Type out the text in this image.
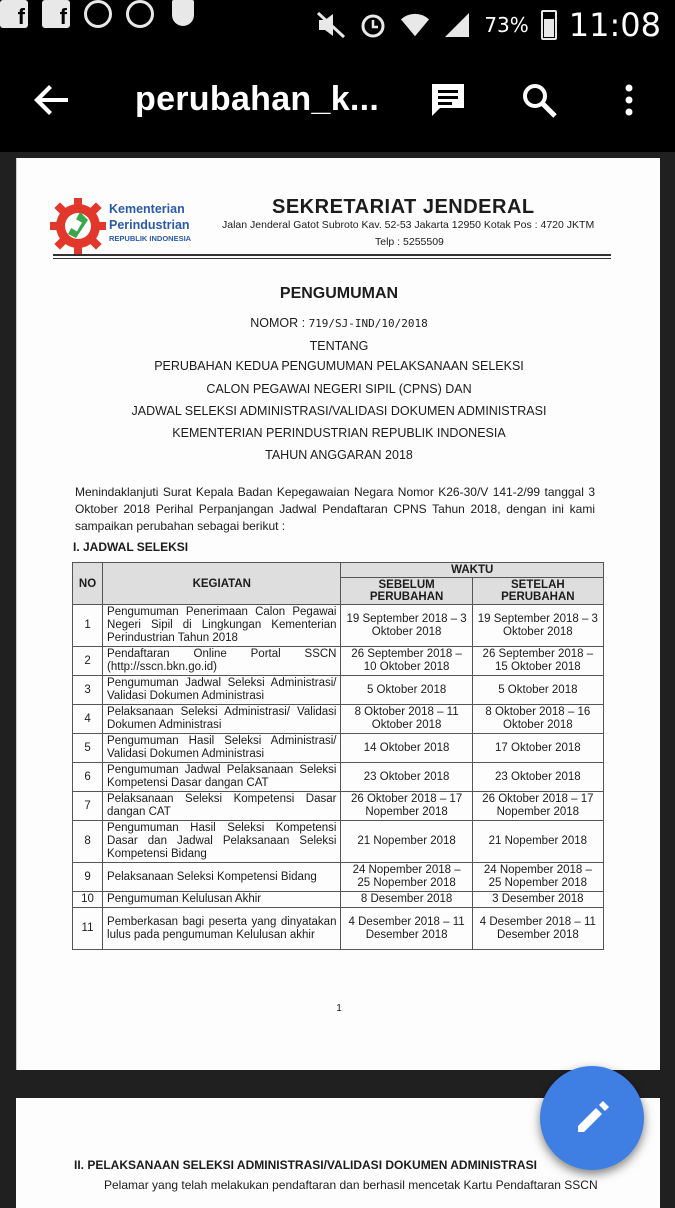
f	f	73% 11:08
perubahan_k...
Kementerian
Perindustrian
REPUBLIK INDONESIA
SEKRETARIAT JENDERAL
Jalan Jenderal Gatot Subroto Kav. 52-53 Jakarta 12950 Kotak Pos : 4720 JKTM
Telp : 5255509
PENGUMUMAN
NOMOR : 719/SJ-IND/10/2018
TENTANG
PERUBAHAN KEDUA PENGUMUMAN PELAKSANAAN SELEKSI
CALON PEGAWAI NEGERI SIPIL (CPNS) DAN
JADWAL SELEKSI ADMINISTRASI/VALIDASI DOKUMEN ADMINISTRASI
KEMENTERIAN PERINDUSTRIAN REPUBLIK INDONESIA
TAHUN ANGGARAN 2018
Menindaklanjuti Surat Kepala Badan Kepegawaian Negara Nomor K26-30/V 141-2/99 tanggal 3 Oktober 2018 Perihal Perpanjangan Jadwal Pendaftaran CPNS Tahun 2018, dengan ini kami sampaikan perubahan sebagai berikut :
I. JADWAL SELEKSI
NO	KEGIATAN	WAKTU	
		SEBELUM PERUBAHAN	SETELAH PERUBAHAN
1	Pengumuman Penerimaan Calon Pegawai Negeri Sipil di Lingkungan Kementerian Perindustrian Tahun 2018	19 September 2018 – 3 Oktober 2018	19 September 2018 – 3 Oktober 2018
2	Pendaftaran Online Portal SSCN (http://sscn.bkn.go.id)	26 September 2018 – 10 Oktober 2018	26 September 2018 – 15 Oktober 2018
3	Pengumuman Jadwal Seleksi Administrasi/ Validasi Dokumen Administrasi	5 Oktober 2018	5 Oktober 2018
4	Pelaksanaan Seleksi Administrasi/ Validasi Dokumen Administrasi	8 Oktober 2018 – 11 Oktober 2018	8 Oktober 2018 – 16 Oktober 2018
5	Pengumuman Hasil Seleksi Administrasi/ Validasi Dokumen Administrasi	14 Oktober 2018	17 Oktober 2018
6	Pengumuman Jadwal Pelaksanaan Seleksi Kompetensi Dasar dangan CAT	23 Oktober 2018	23 Oktober 2018
7	Pelaksanaan Seleksi Kompetensi Dasar dangan CAT	26 Oktober 2018 – 17 Nopember 2018	26 Oktober 2018 – 17 Nopember 2018
8	Pengumuman Hasil Seleksi Kompetensi Dasar dan Jadwal Pelaksanaan Seleksi Kompetensi Bidang	21 Nopember 2018	21 Nopember 2018
9	Pelaksanaan Seleksi Kompetensi Bidang	24 Nopember 2018 – 25 Nopember 2018	24 Nopember 2018 – 25 Nopember 2018
10	Pengumuman Kelulusan Akhir	8 Desember 2018	3 Desember 2018
11	Pemberkasan bagi peserta yang dinyatakan lulus pada pengumuman Kelulusan akhir	4 Desember 2018 – 11 Desember 2018	4 Desember 2018 – 11 Desember 2018
1
II. PELAKSANAAN SELEKSI ADMINISTRASI/VALIDASI DOKUMEN ADMINISTRASI
Pelamar yang telah melakukan pendaftaran dan berhasil mencetak Kartu Pendaftaran SSCN
